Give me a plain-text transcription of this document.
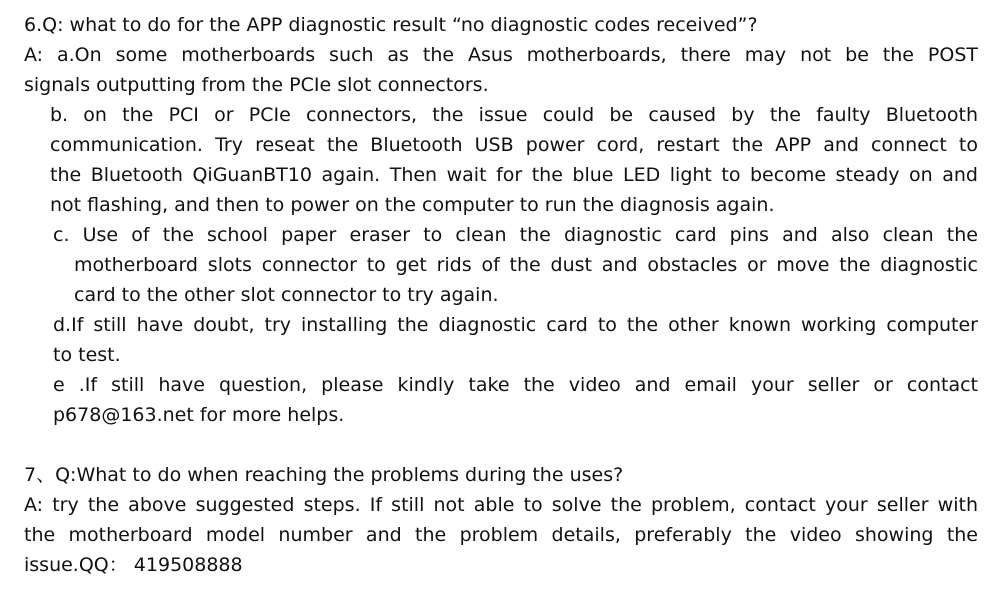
6.Q: what to do for the APP diagnostic result “no diagnostic codes received”?
A: a.On some motherboards such as the Asus motherboards, there may not be the POST
signals outputting from the PCIe slot connectors.
b. on the PCI or PCIe connectors, the issue could be caused by the faulty Bluetooth
communication. Try reseat the Bluetooth USB power cord, restart the APP and connect to
the Bluetooth QiGuanBT10 again. Then wait for the blue LED light to become steady on and
not flashing, and then to power on the computer to run the diagnosis again.
c. Use of the school paper eraser to clean the diagnostic card pins and also clean the
motherboard slots connector to get rids of the dust and obstacles or move the diagnostic
card to the other slot connector to try again.
d.If still have doubt, try installing the diagnostic card to the other known working computer
to test.
e .If still have question, please kindly take the video and email your seller or contact
p678@163.net for more helps.
7、Q:What to do when reaching the problems during the uses?
A: try the above suggested steps. If still not able to solve the problem, contact your seller with
the motherboard model number and the problem details, preferably the video showing the
issue.QQ： 419508888
